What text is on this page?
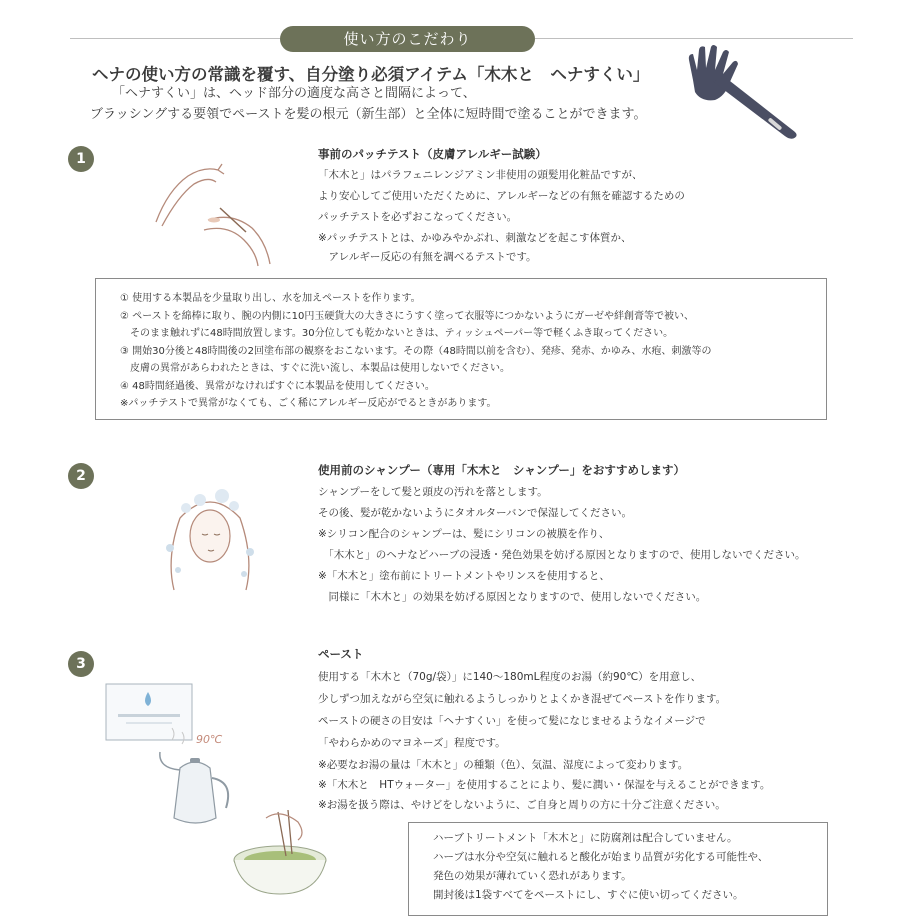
使い方のこだわり
ヘナの使い方の常識を覆す、自分塗り必須アイテム「木木と　ヘナすくい」
「ヘナすくい」は、ヘッド部分の適度な高さと間隔によって、
ブラッシングする要領でペーストを髪の根元（新生部）と全体に短時間で塗ることができます。
1	事前のパッチテスト（皮膚アレルギー試験）
「木木と」はパラフェニレンジアミン非使用の頭髪用化粧品ですが、
より安心してご使用いただくために、アレルギーなどの有無を確認するための
パッチテストを必ずおこなってください。
※パッチテストとは、かゆみやかぶれ、刺激などを起こす体質か、
　アレルギー反応の有無を調べるテストです。
① 使用する本製品を少量取り出し、水を加えペーストを作ります。
② ペーストを綿棒に取り、腕の内側に10円玉硬貨大の大きさにうすく塗って衣服等につかないようにガーゼや絆創膏等で被い、
　そのまま触れずに48時間放置します。30分位しても乾かないときは、ティッシュペーパー等で軽くふき取ってください。
③ 開始30分後と48時間後の2回塗布部の観察をおこないます。その際（48時間以前を含む）、発疹、発赤、かゆみ、水疱、刺激等の
　皮膚の異常があらわれたときは、すぐに洗い流し、本製品は使用しないでください。
④ 48時間経過後、異常がなければすぐに本製品を使用してください。
※パッチテストで異常がなくても、ごく稀にアレルギー反応がでるときがあります。
2	使用前のシャンプー（専用「木木と　シャンプー」をおすすめします）
シャンプーをして髪と頭皮の汚れを落とします。
その後、髪が乾かないようにタオルターバンで保湿してください。
※シリコン配合のシャンプーは、髪にシリコンの被膜を作り、
　「木木と」のヘナなどハーブの浸透・発色効果を妨げる原因となりますので、使用しないでください。
※「木木と」塗布前にトリートメントやリンスを使用すると、
　同様に「木木と」の効果を妨げる原因となりますので、使用しないでください。
3
ペースト
使用する「木木と（70g/袋）」に140〜180mL程度のお湯（約90℃）を用意し、
少しずつ加えながら空気に触れるようしっかりとよくかき混ぜてペーストを作ります。
ペーストの硬さの目安は「ヘナすくい」を使って髪になじませるようなイメージで
「やわらかめのマヨネーズ」程度です。
※必要なお湯の量は「木木と」の種類（色）、気温、湿度によって変わります。
※「木木と　HTウォーター」を使用することにより、髪に潤い・保湿を与えることができます。
※お湯を扱う際は、やけどをしないように、ご自身と周りの方に十分ご注意ください。
90℃
ハーブトリートメント「木木と」に防腐剤は配合していません。
ハーブは水分や空気に触れると酸化が始まり品質が劣化する可能性や、
発色の効果が薄れていく恐れがあります。
開封後は1袋すべてをペーストにし、すぐに使い切ってください。
